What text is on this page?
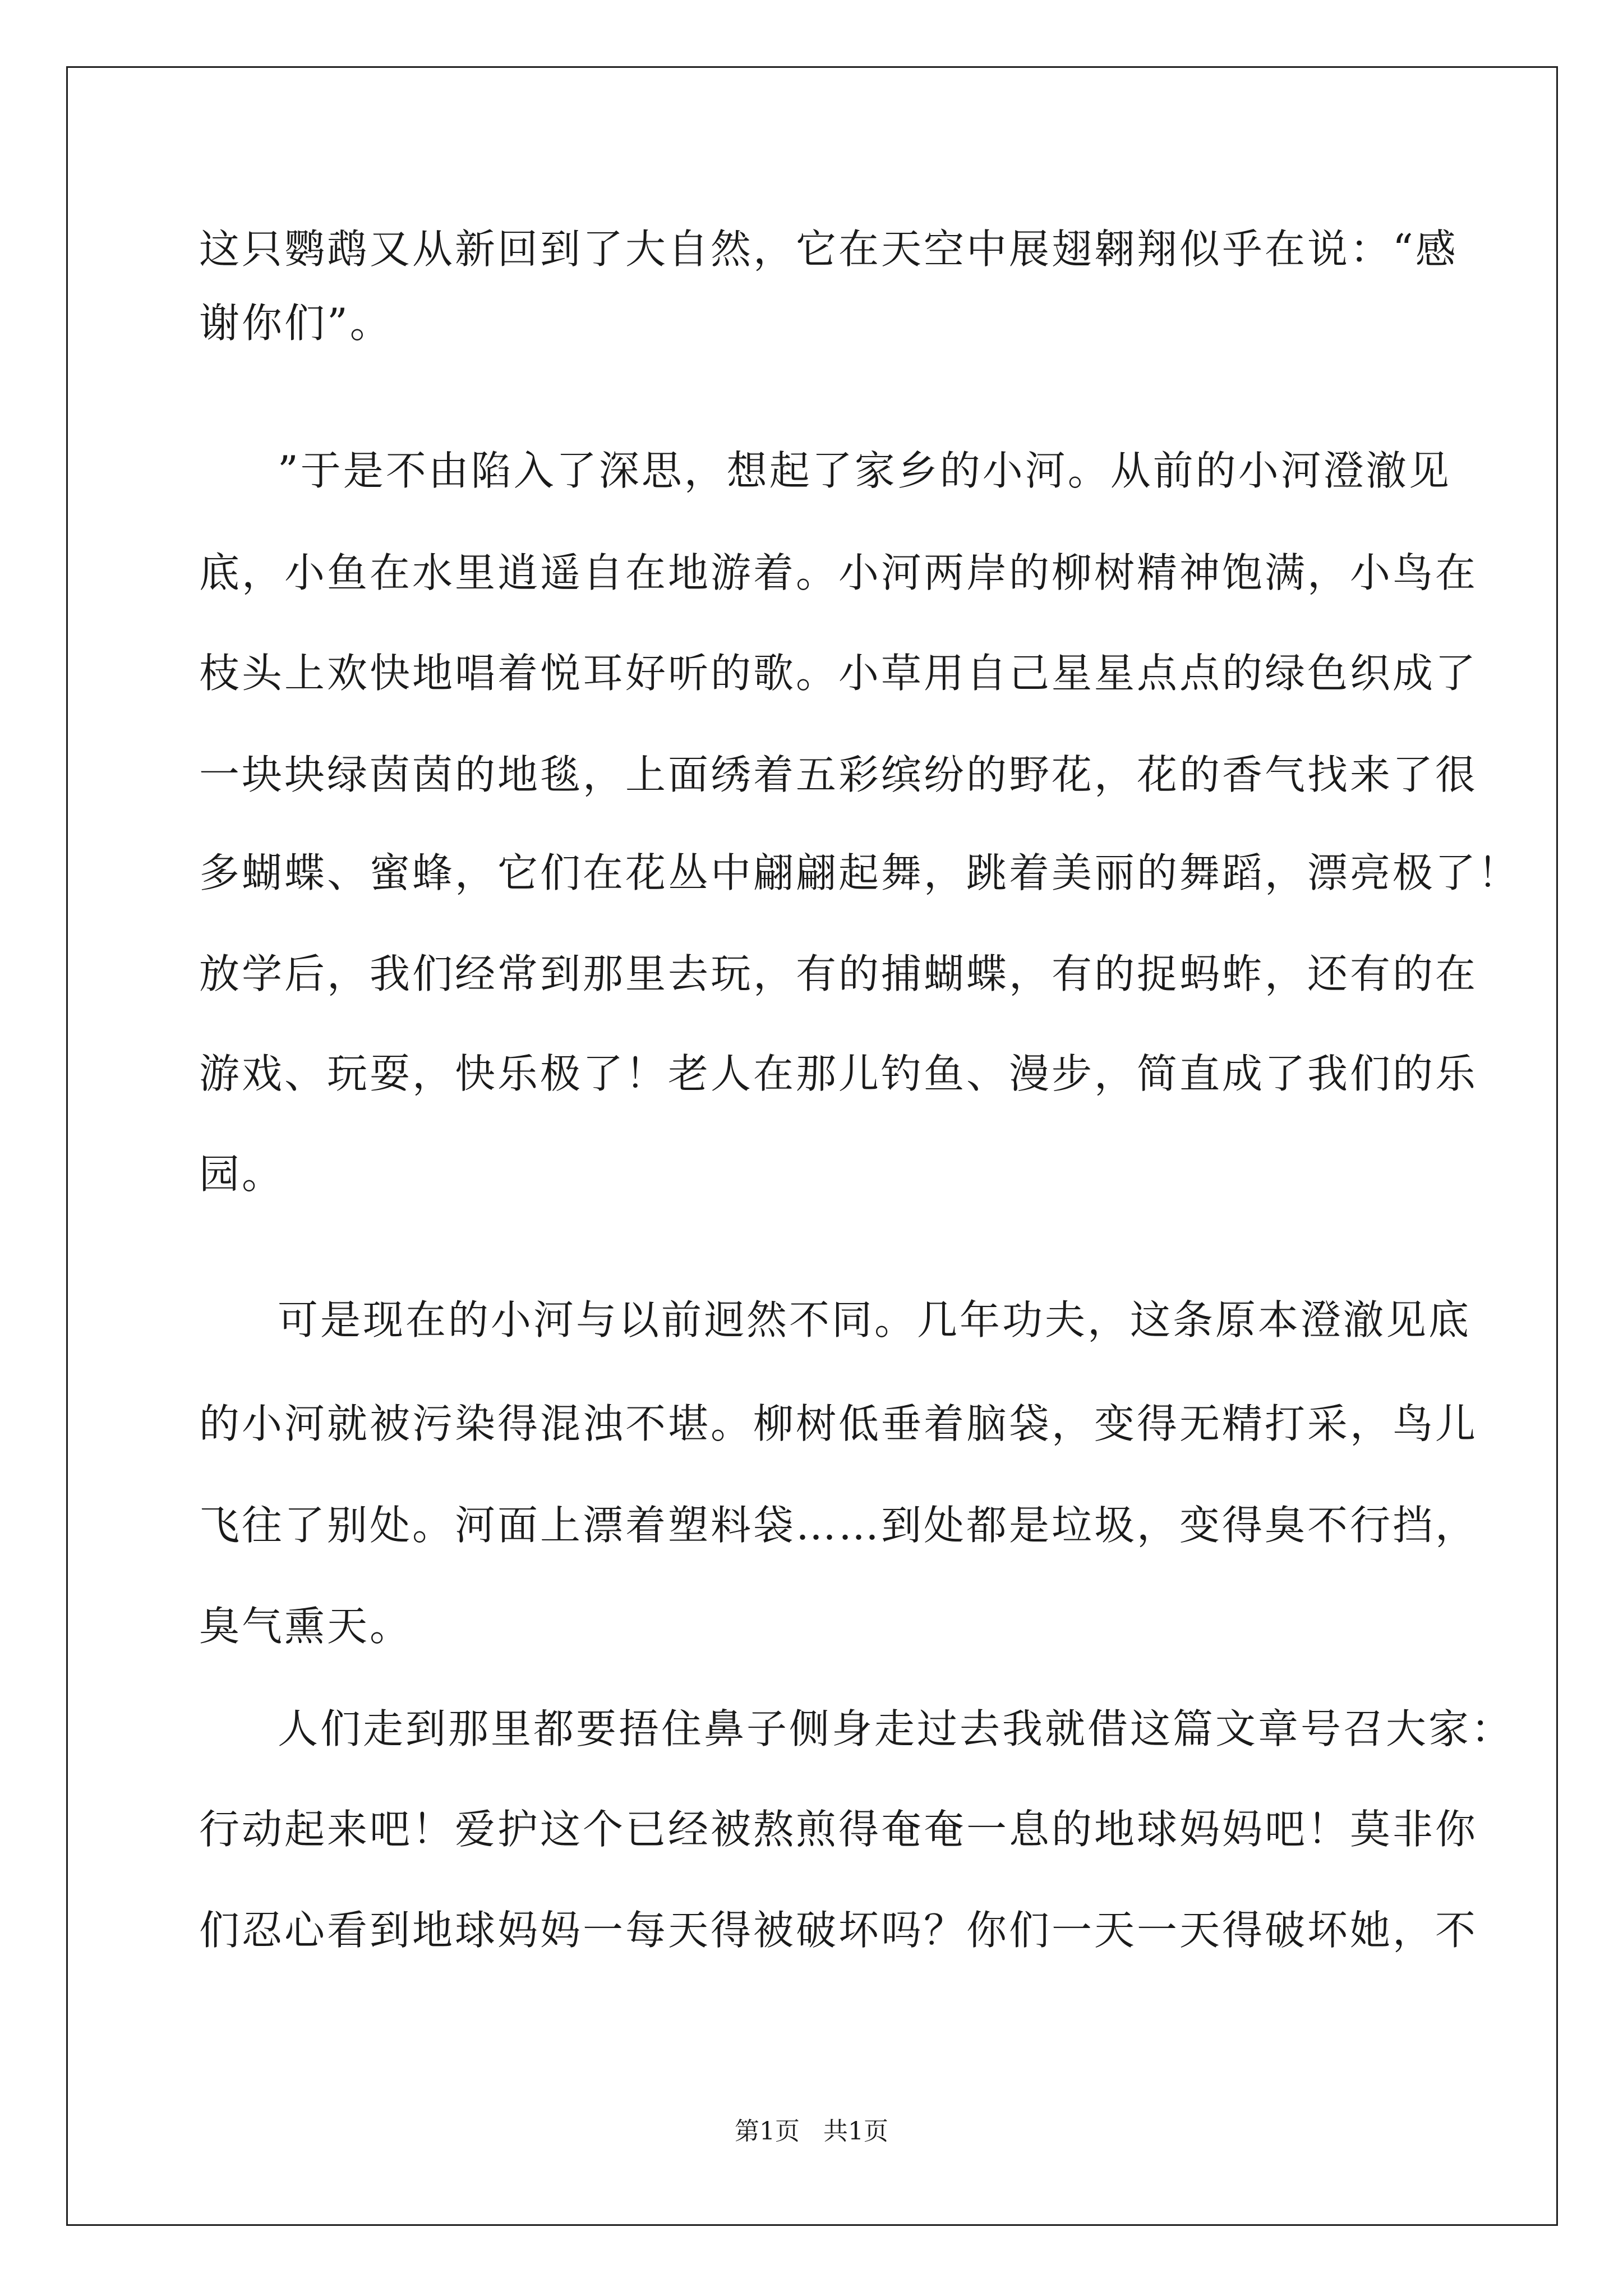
这只鹦鹉又从新回到了大自然，它在天空中展翅翱翔似乎在说：“感
谢你们”。
”于是不由陷入了深思，想起了家乡的小河。从前的小河澄澈见
底，小鱼在水里逍遥自在地游着。小河两岸的柳树精神饱满，小鸟在
枝头上欢快地唱着悦耳好听的歌。小草用自己星星点点的绿色织成了
一块块绿茵茵的地毯，上面绣着五彩缤纷的野花，花的香气找来了很
多蝴蝶、蜜蜂，它们在花丛中翩翩起舞，跳着美丽的舞蹈，漂亮极了！
放学后，我们经常到那里去玩，有的捕蝴蝶，有的捉蚂蚱，还有的在
游戏、玩耍，快乐极了！老人在那儿钓鱼、漫步，简直成了我们的乐
园。
可是现在的小河与以前迥然不同。几年功夫，这条原本澄澈见底
的小河就被污染得混浊不堪。柳树低垂着脑袋，变得无精打采，鸟儿
飞往了别处。河面上漂着塑料袋……到处都是垃圾，变得臭不行挡，
臭气熏天。
人们走到那里都要捂住鼻子侧身走过去我就借这篇文章号召大家：
行动起来吧！爱护这个已经被熬煎得奄奄一息的地球妈妈吧！莫非你
们忍心看到地球妈妈一每天得被破坏吗？你们一天一天得破坏她，不
第1页   共1页
